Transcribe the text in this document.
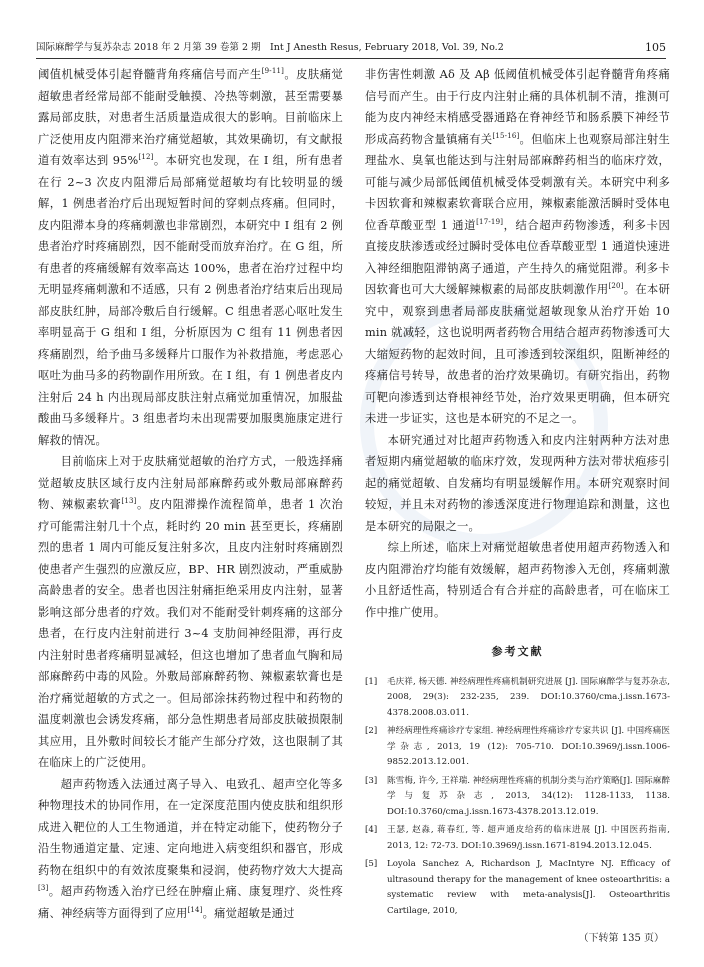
国际麻醉学与复苏杂志 2018 年 2 月第 39 卷第 2 期　Int J Anesth Resus, February 2018, Vol. 39, No.2	105

阈值机械受体引起脊髓背角疼痛信号而产生[9-11]。皮肤痛觉超敏患者经常局部不能耐受触摸、冷热等刺激，甚至需要暴露局部皮肤，对患者生活质量造成很大的影响。目前临床上广泛使用皮内阻滞来治疗痛觉超敏，其效果确切，有文献报道有效率达到 95%[12]。本研究也发现，在 I 组，所有患者在行 2~3 次皮内阻滞后局部痛觉超敏均有比较明显的缓解，1 例患者治疗后出现短暂时间的穿刺点疼痛。但同时，皮内阻滞本身的疼痛刺激也非常剧烈，本研究中 I 组有 2 例患者治疗时疼痛剧烈，因不能耐受而放弃治疗。在 G 组，所有患者的疼痛缓解有效率高达 100%，患者在治疗过程中均无明显疼痛刺激和不适感，只有 2 例患者治疗结束后出现局部皮肤红肿，局部冷敷后自行缓解。C 组患者恶心呕吐发生率明显高于 G 组和 I 组，分析原因为 C 组有 11 例患者因疼痛剧烈，给予曲马多缓释片口服作为补救措施，考虑恶心呕吐为曲马多的药物副作用所致。在 I 组，有 1 例患者皮内注射后 24 h 内出现局部皮肤注射点痛觉加重情况，加服盐酸曲马多缓释片。3 组患者均未出现需要加服奥施康定进行解救的情况。

目前临床上对于皮肤痛觉超敏的治疗方式，一般选择痛觉超敏皮肤区域行皮内注射局部麻醉药或外敷局部麻醉药物、辣椒素软膏[13]。皮内阻滞操作流程简单，患者 1 次治疗可能需注射几十个点，耗时约 20 min 甚至更长，疼痛剧烈的患者 1 周内可能反复注射多次，且皮内注射时疼痛剧烈使患者产生强烈的应激反应，BP、HR 剧烈波动，严重威胁高龄患者的安全。患者也因注射痛拒绝采用皮内注射，显著影响这部分患者的疗效。我们对不能耐受针刺疼痛的这部分患者，在行皮内注射前进行 3~4 支肋间神经阻滞，再行皮内注射时患者疼痛明显减轻，但这也增加了患者血气胸和局部麻醉药中毒的风险。外敷局部麻醉药物、辣椒素软膏也是治疗痛觉超敏的方式之一。但局部涂抹药物过程中和药物的温度刺激也会诱发疼痛，部分急性期患者局部皮肤破损限制其应用，且外敷时间较长才能产生部分疗效，这也限制了其在临床上的广泛使用。

超声药物透入法通过离子导入、电致孔、超声空化等多种物理技术的协同作用，在一定深度范围内使皮肤和组织形成进入靶位的人工生物通道，并在特定动能下，使药物分子沿生物通道定量、定速、定向地进入病变组织和器官，形成药物在组织中的有效浓度聚集和浸润，使药物疗效大大提高[3]。超声药物透入治疗已经在肿瘤止痛、康复理疗、炎性疼痛、神经病等方面得到了应用[14]。痛觉超敏是通过

非伤害性刺激 Aδ 及 Aβ 低阈值机械受体引起脊髓背角疼痛信号而产生。由于行皮内注射止痛的具体机制不清，推测可能为皮内神经末梢感受器通路在脊神经节和肠系膜下神经节形成高药物含量镇痛有关[15-16]。但临床上也观察局部注射生理盐水、臭氧也能达到与注射局部麻醉药相当的临床疗效，可能与减少局部低阈值机械受体受刺激有关。本研究中利多卡因软膏和辣椒素软膏联合应用，辣椒素能激活瞬时受体电位香草酸亚型 1 通道[17-19]，结合超声药物渗透，利多卡因直接皮肤渗透或经过瞬时受体电位香草酸亚型 1 通道快速进入神经细胞阻滞钠离子通道，产生持久的痛觉阻滞。利多卡因软膏也可大大缓解辣椒素的局部皮肤刺激作用[20]。在本研究中，观察到患者局部皮肤痛觉超敏现象从治疗开始 10 min 就减轻，这也说明两者药物合用结合超声药物渗透可大大缩短药物的起效时间，且可渗透到较深组织，阻断神经的疼痛信号转导，故患者的治疗效果确切。有研究指出，药物可靶向渗透到达脊根神经节处，治疗效果更明确，但本研究未进一步证实，这也是本研究的不足之一。

本研究通过对比超声药物透入和皮内注射两种方法对患者短期内痛觉超敏的临床疗效，发现两种方法对带状疱疹引起的痛觉超敏、自发痛均有明显缓解作用。本研究观察时间较短，并且未对药物的渗透深度进行物理追踪和测量，这也是本研究的局限之一。

综上所述，临床上对痛觉超敏患者使用超声药物透入和皮内阻滞治疗均能有效缓解，超声药物渗入无创，疼痛刺激小且舒适性高，特别适合有合并症的高龄患者，可在临床工作中推广使用。

参考文献
[1] 毛庆祥, 杨天德. 神经病理性疼痛机制研究进展 [J]. 国际麻醉学与复苏杂志, 2008, 29(3): 232-235, 239. DOI:10.3760/cma.j.issn.1673-4378.2008.03.011.
[2] 神经病理性疼痛诊疗专家组. 神经病理性疼痛诊疗专家共识 [J]. 中国疼痛医学杂志, 2013, 19 (12): 705-710. DOI:10.3969/j.issn.1006-9852.2013.12.001.
[3] 陈雪梅, 许今, 王祥瑞. 神经病理性疼痛的机制分类与治疗策略[J]. 国际麻醉学与复苏杂志, 2013, 34(12): 1128-1133, 1138. DOI:10.3760/cma.j.issn.1673-4378.2013.12.019.
[4] 王瑟, 赵淼, 蒋春红, 等. 超声通皮给药的临床进展 [J]. 中国医药指南, 2013, 12: 72-73. DOI:10.3969/j.issn.1671-8194.2013.12.045.
[5] Loyola Sanchez A, Richardson J, MacIntyre NJ. Efficacy of ultrasound therapy for the management of knee osteoarthritis: a systematic review with meta-analysis[J]. Osteoarthritis Cartilage, 2010,
（下转第 135 页）
